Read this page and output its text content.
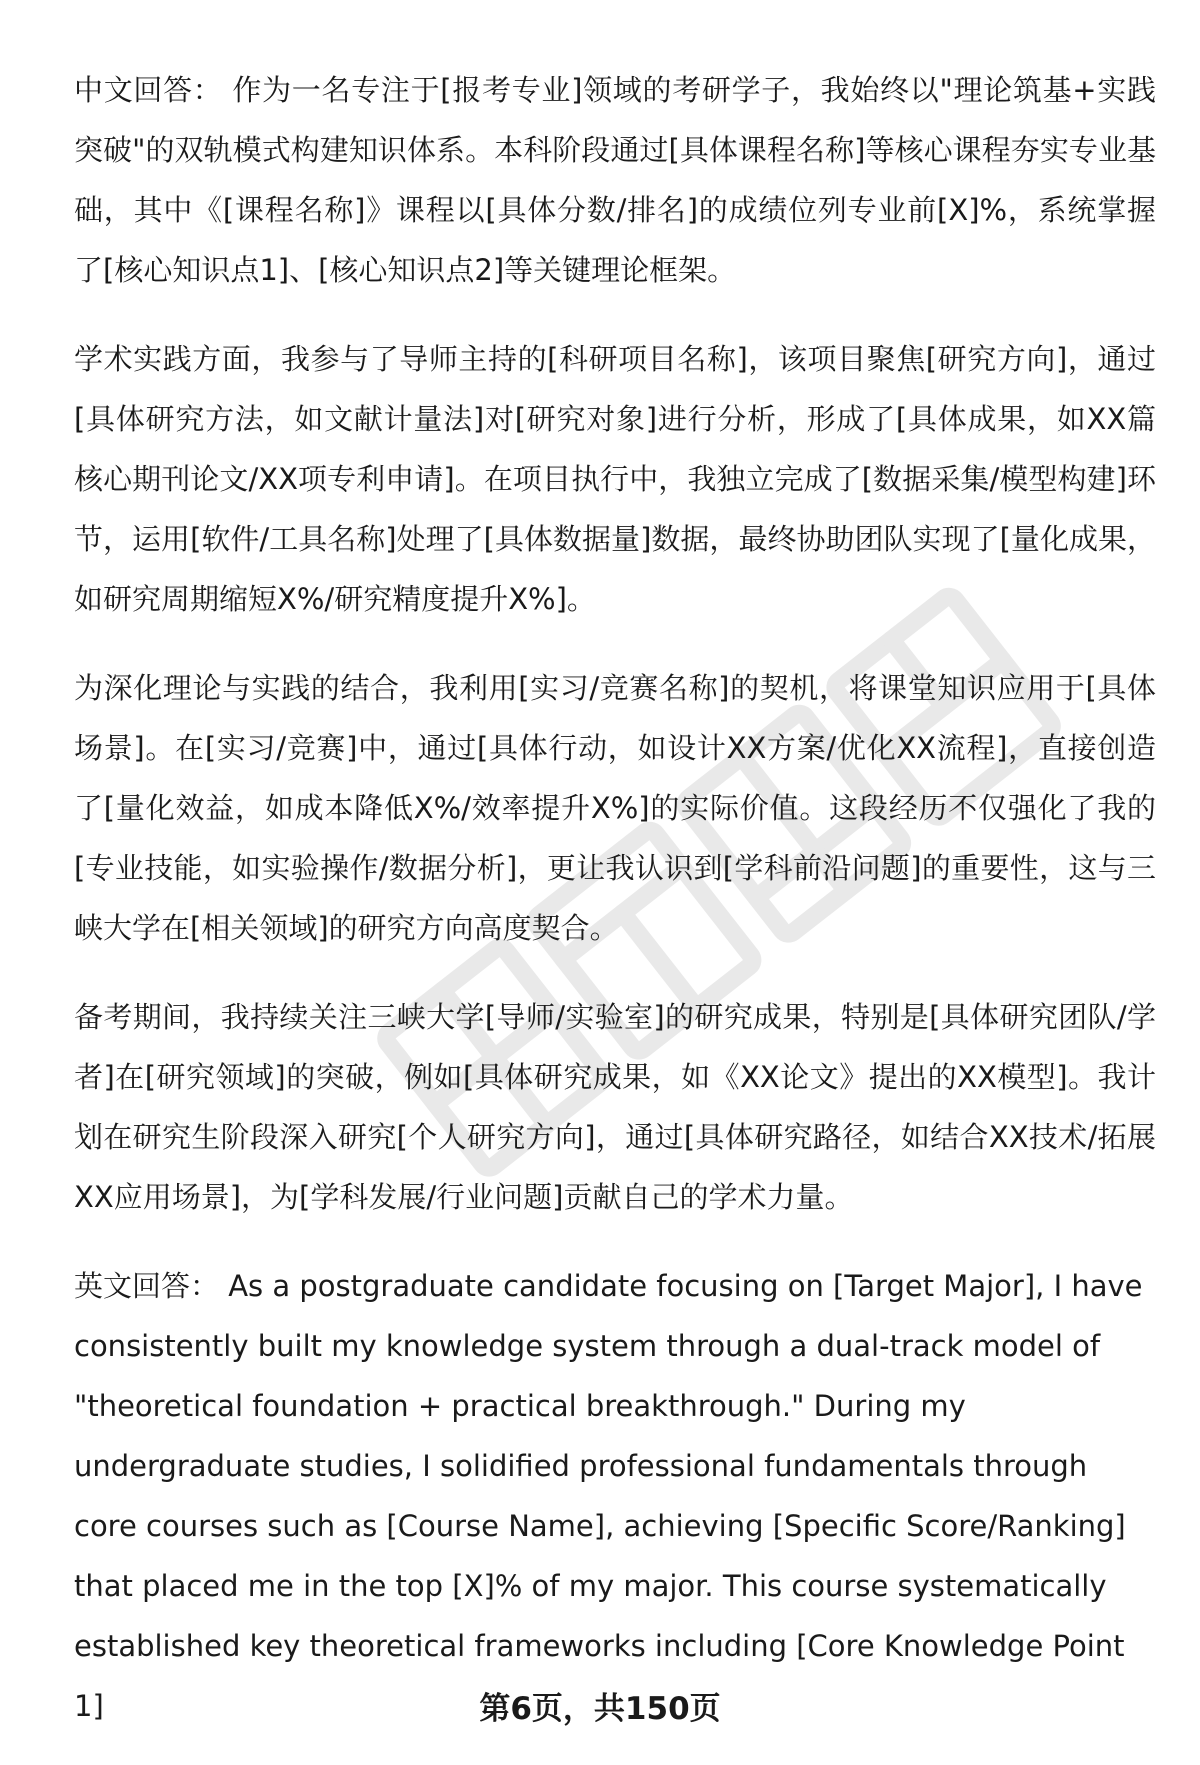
中文回答： 作为一名专注于[报考专业]领域的考研学子，我始终以"理论筑基+实践突破"的双轨模式构建知识体系。本科阶段通过[具体课程名称]等核心课程夯实专业基础，其中《[课程名称]》课程以[具体分数/排名]的成绩位列专业前[X]%，系统掌握了[核心知识点1]、[核心知识点2]等关键理论框架。

学术实践方面，我参与了导师主持的[科研项目名称]，该项目聚焦[研究方向]，通过[具体研究方法，如文献计量法]对[研究对象]进行分析，形成了[具体成果，如XX篇核心期刊论文/XX项专利申请]。在项目执行中，我独立完成了[数据采集/模型构建]环节，运用[软件/工具名称]处理了[具体数据量]数据，最终协助团队实现了[量化成果，如研究周期缩短X%/研究精度提升X%]。

为深化理论与实践的结合，我利用[实习/竞赛名称]的契机，将课堂知识应用于[具体场景]。在[实习/竞赛]中，通过[具体行动，如设计XX方案/优化XX流程]，直接创造了[量化效益，如成本降低X%/效率提升X%]的实际价值。这段经历不仅强化了我的[专业技能，如实验操作/数据分析]，更让我认识到[学科前沿问题]的重要性，这与三峡大学在[相关领域]的研究方向高度契合。

备考期间，我持续关注三峡大学[导师/实验室]的研究成果，特别是[具体研究团队/学者]在[研究领域]的突破，例如[具体研究成果，如《XX论文》提出的XX模型]。我计划在研究生阶段深入研究[个人研究方向]，通过[具体研究路径，如结合XX技术/拓展XX应用场景]，为[学科发展/行业问题]贡献自己的学术力量。

英文回答： As a postgraduate candidate focusing on [Target Major], I have consistently built my knowledge system through a dual-track model of "theoretical foundation + practical breakthrough." During my undergraduate studies, I solidified professional fundamentals through core courses such as [Course Name], achieving [Specific Score/Ranking] that placed me in the top [X]% of my major. This course systematically established key theoretical frameworks including [Core Knowledge Point 1]	第6页，共150页
